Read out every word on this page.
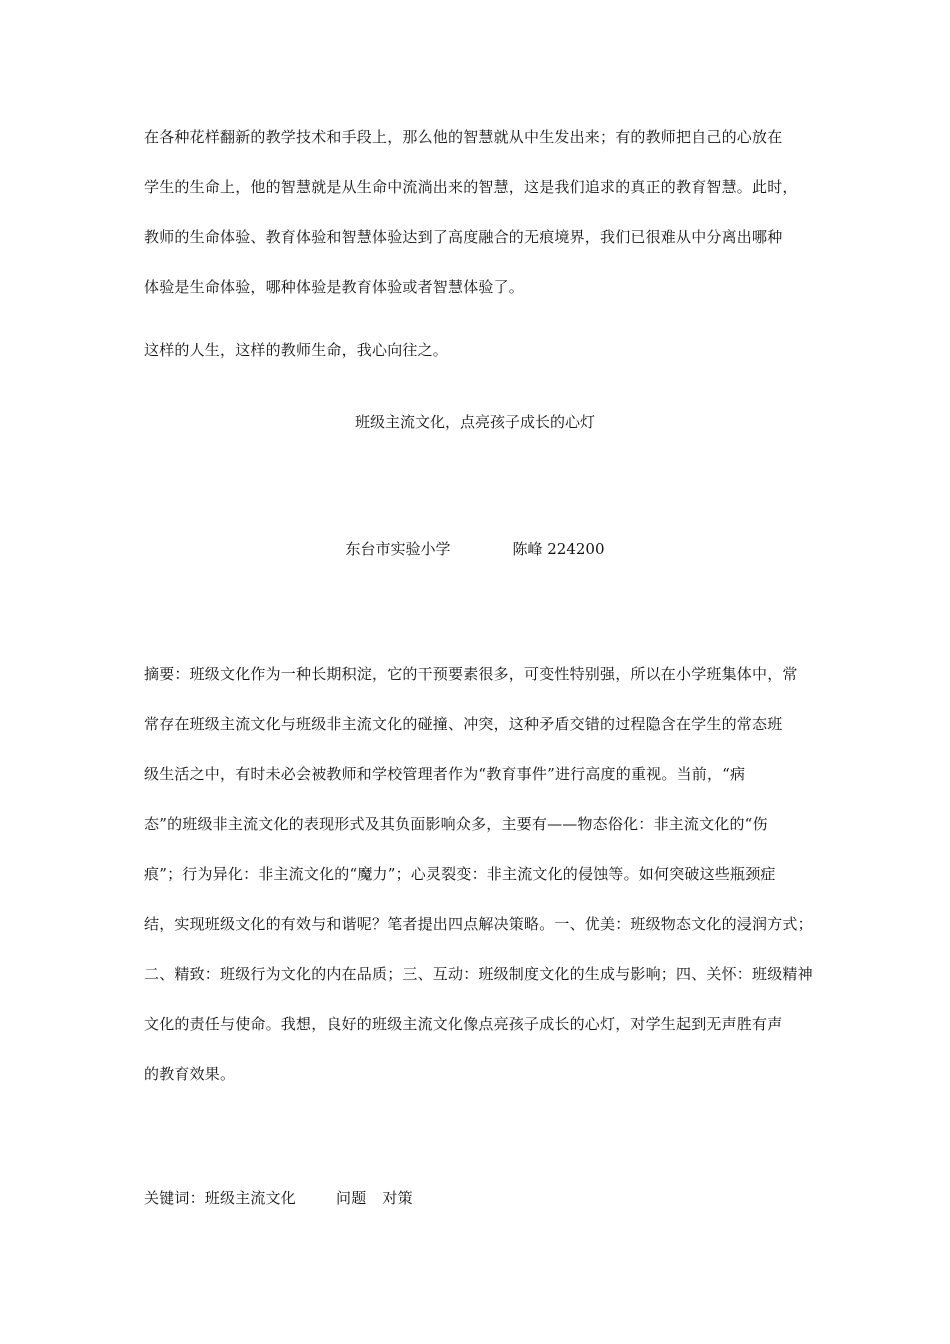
在各种花样翻新的教学技术和手段上，那么他的智慧就从中生发出来；有的教师把自己的心放在
学生的生命上，他的智慧就是从生命中流淌出来的智慧，这是我们追求的真正的教育智慧。此时，
教师的生命体验、教育体验和智慧体验达到了高度融合的无痕境界，我们已很难从中分离出哪种
体验是生命体验，哪种体验是教育体验或者智慧体验了。
这样的人生，这样的教师生命，我心向往之。
班级主流文化，点亮孩子成长的心灯
东台市实验小学	陈峰 224200
摘要：班级文化作为一种长期积淀，它的干预要素很多，可变性特别强，所以在小学班集体中，常
常存在班级主流文化与班级非主流文化的碰撞、冲突，这种矛盾交错的过程隐含在学生的常态班
级生活之中，有时未必会被教师和学校管理者作为“教育事件”进行高度的重视。当前，“病
态”的班级非主流文化的表现形式及其负面影响众多，主要有——物态俗化：非主流文化的“伤
痕”；行为异化：非主流文化的“魔力”；心灵裂变：非主流文化的侵蚀等。如何突破这些瓶颈症
结，实现班级文化的有效与和谐呢？笔者提出四点解决策略。一、优美：班级物态文化的浸润方式；
二、精致：班级行为文化的内在品质；三、互动：班级制度文化的生成与影响；四、关怀：班级精神
文化的责任与使命。我想，良好的班级主流文化像点亮孩子成长的心灯，对学生起到无声胜有声
的教育效果。
关键词：班级主流文化	问题 对策
